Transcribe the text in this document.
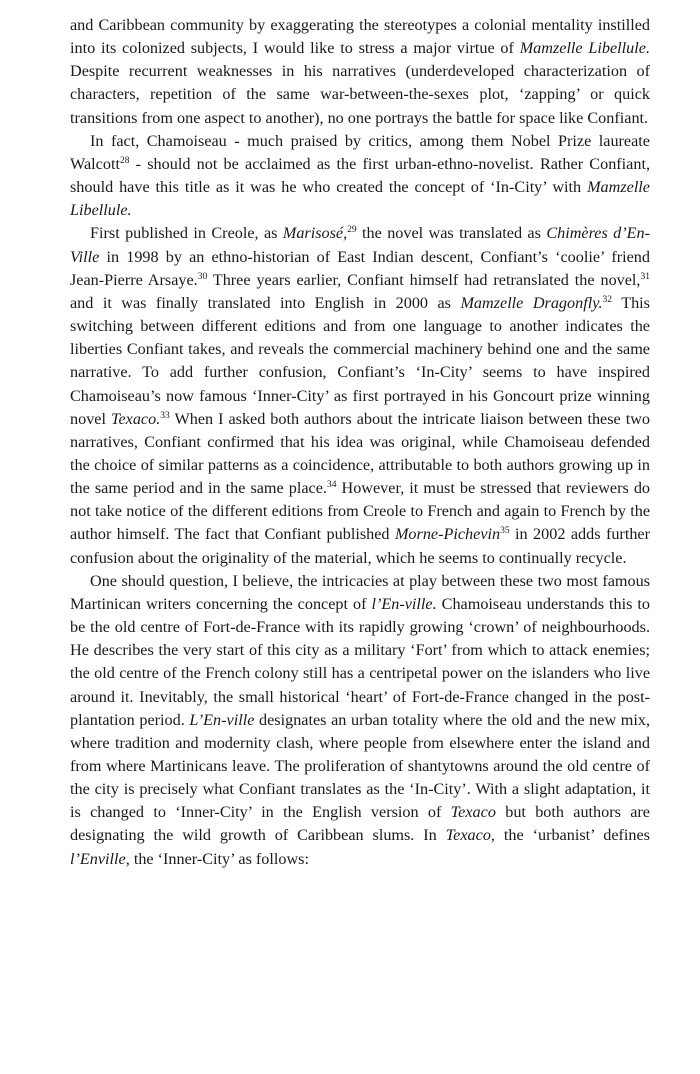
and Caribbean community by exaggerating the stereotypes a colonial mentality instilled into its colonized subjects, I would like to stress a major virtue of Mamzelle Libellule. Despite recurrent weaknesses in his narratives (underdeveloped characterization of characters, repetition of the same war-between-the-sexes plot, ‘zapping’ or quick transitions from one aspect to another), no one portrays the battle for space like Confiant.

In fact, Chamoiseau - much praised by critics, among them Nobel Prize laureate Walcott$^{28}$ - should not be acclaimed as the first urban-ethno-novelist. Rather Confiant, should have this title as it was he who created the concept of ‘In-City’ with Mamzelle Libellule.

First published in Creole, as Marisosé,$^{29}$ the novel was translated as Chimères d’En-Ville in 1998 by an ethno-historian of East Indian descent, Confiant’s ‘coolie’ friend Jean-Pierre Arsaye.$^{30}$ Three years earlier, Confiant himself had retranslated the novel,$^{31}$ and it was finally translated into English in 2000 as Mamzelle Dragonfly.$^{32}$ This switching between different editions and from one language to another indicates the liberties Confiant takes, and reveals the commercial machinery behind one and the same narrative. To add further confusion, Confiant’s ‘In-City’ seems to have inspired Chamoiseau’s now famous ‘Inner-City’ as first portrayed in his Goncourt prize winning novel Texaco.$^{33}$ When I asked both authors about the intricate liaison between these two narratives, Confiant confirmed that his idea was original, while Chamoiseau defended the choice of similar patterns as a coincidence, attributable to both authors growing up in the same period and in the same place.$^{34}$ However, it must be stressed that reviewers do not take notice of the different editions from Creole to French and again to French by the author himself. The fact that Confiant published Morne-Pichevin$^{35}$ in 2002 adds further confusion about the originality of the material, which he seems to continually recycle.

One should question, I believe, the intricacies at play between these two most famous Martinican writers concerning the concept of l’En-ville. Chamoiseau understands this to be the old centre of Fort-de-France with its rapidly growing ‘crown’ of neighbourhoods. He describes the very start of this city as a military ‘Fort’ from which to attack enemies; the old centre of the French colony still has a centripetal power on the islanders who live around it. Inevitably, the small historical ‘heart’ of Fort-de-France changed in the post-plantation period. L’En-ville designates an urban totality where the old and the new mix, where tradition and modernity clash, where people from elsewhere enter the island and from where Martinicans leave. The proliferation of shantytowns around the old centre of the city is precisely what Confiant translates as the ‘In-City’. With a slight adaptation, it is changed to ‘Inner-City’ in the English version of Texaco but both authors are designating the wild growth of Caribbean slums. In Texaco, the ‘urbanist’ defines l’Enville, the ‘Inner-City’ as follows:
